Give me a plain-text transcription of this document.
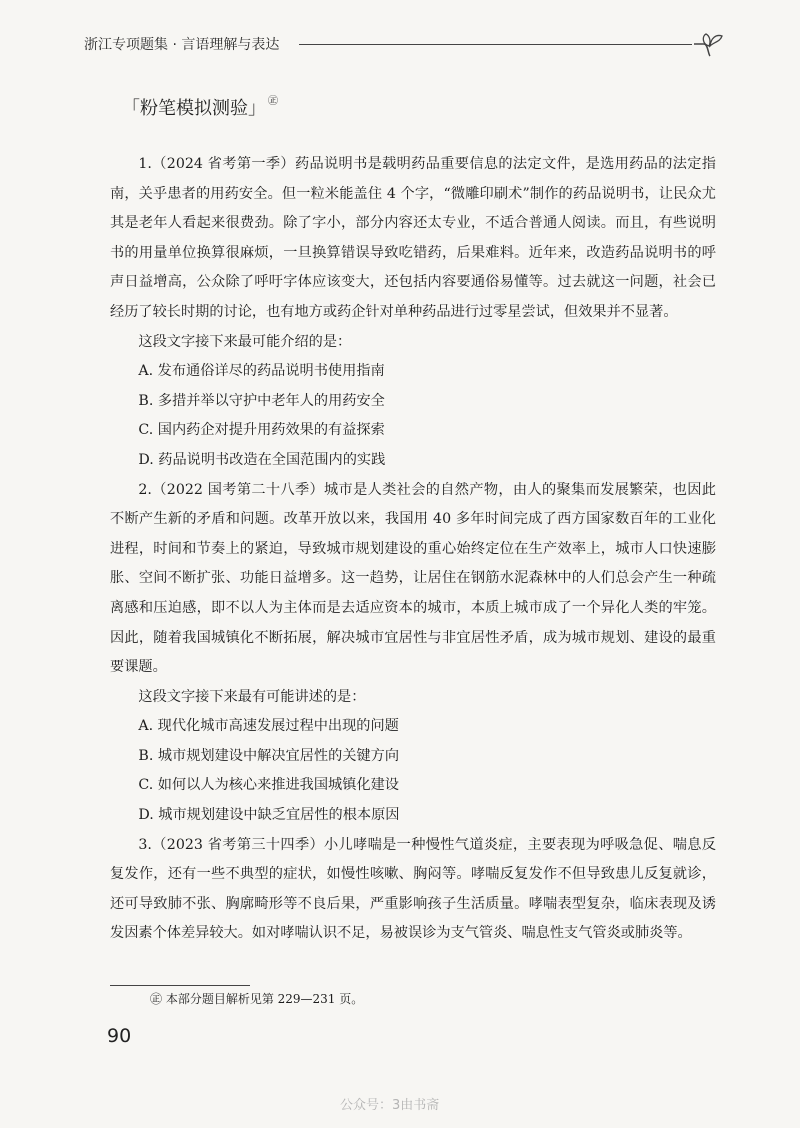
浙江专项题集 · 言语理解与表达
「粉笔模拟测验」 ㊣

1.（2024 省考第一季）药品说明书是载明药品重要信息的法定文件，是选用药品的法定指南，关乎患者的用药安全。但一粒米能盖住 4 个字，“微雕印刷术”制作的药品说明书，让民众尤其是老年人看起来很费劲。除了字小，部分内容还太专业，不适合普通人阅读。而且，有些说明书的用量单位换算很麻烦，一旦换算错误导致吃错药，后果难料。近年来，改造药品说明书的呼声日益增高，公众除了呼吁字体应该变大，还包括内容要通俗易懂等。过去就这一问题，社会已经历了较长时期的讨论，也有地方或药企针对单种药品进行过零星尝试，但效果并不显著。

这段文字接下来最可能介绍的是：

A. 发布通俗详尽的药品说明书使用指南

B. 多措并举以守护中老年人的用药安全

C. 国内药企对提升用药效果的有益探索

D. 药品说明书改造在全国范围内的实践

2.（2022 国考第二十八季）城市是人类社会的自然产物，由人的聚集而发展繁荣，也因此不断产生新的矛盾和问题。改革开放以来，我国用 40 多年时间完成了西方国家数百年的工业化进程，时间和节奏上的紧迫，导致城市规划建设的重心始终定位在生产效率上，城市人口快速膨胀、空间不断扩张、功能日益增多。这一趋势，让居住在钢筋水泥森林中的人们总会产生一种疏离感和压迫感，即不以人为主体而是去适应资本的城市，本质上城市成了一个异化人类的牢笼。因此，随着我国城镇化不断拓展，解决城市宜居性与非宜居性矛盾，成为城市规划、建设的最重要课题。

这段文字接下来最有可能讲述的是：

A. 现代化城市高速发展过程中出现的问题

B. 城市规划建设中解决宜居性的关键方向

C. 如何以人为核心来推进我国城镇化建设

D. 城市规划建设中缺乏宜居性的根本原因

3.（2023 省考第三十四季）小儿哮喘是一种慢性气道炎症，主要表现为呼吸急促、喘息反复发作，还有一些不典型的症状，如慢性咳嗽、胸闷等。哮喘反复发作不但导致患儿反复就诊，还可导致肺不张、胸廓畸形等不良后果，严重影响孩子生活质量。哮喘表型复杂，临床表现及诱发因素个体差异较大。如对哮喘认识不足，易被误诊为支气管炎、喘息性支气管炎或肺炎等。

㊣ 本部分题目解析见第 229—231 页。
90
公众号：3由书斋
